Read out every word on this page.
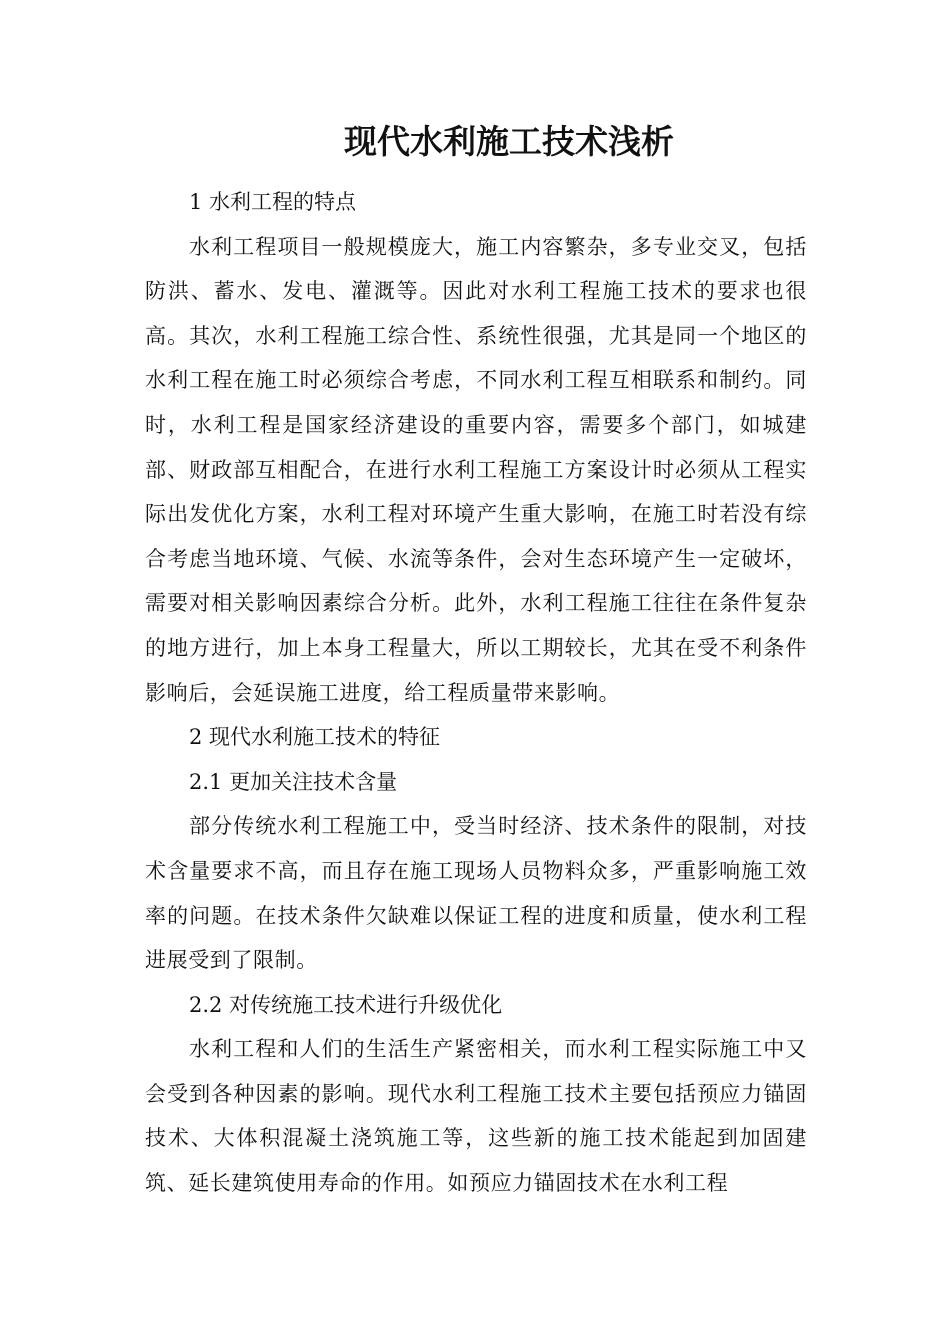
现代水利施工技术浅析

1 水利工程的特点

水利工程项目一般规模庞大，施工内容繁杂，多专业交叉，包括防洪、蓄水、发电、灌溉等。因此对水利工程施工技术的要求也很高。其次，水利工程施工综合性、系统性很强，尤其是同一个地区的水利工程在施工时必须综合考虑，不同水利工程互相联系和制约。同时，水利工程是国家经济建设的重要内容，需要多个部门，如城建部、财政部互相配合，在进行水利工程施工方案设计时必须从工程实际出发优化方案，水利工程对环境产生重大影响，在施工时若没有综合考虑当地环境、气候、水流等条件，会对生态环境产生一定破坏，需要对相关影响因素综合分析。此外，水利工程施工往往在条件复杂的地方进行，加上本身工程量大，所以工期较长，尤其在受不利条件影响后，会延误施工进度，给工程质量带来影响。

2 现代水利施工技术的特征

2.1 更加关注技术含量

部分传统水利工程施工中，受当时经济、技术条件的限制，对技术含量要求不高，而且存在施工现场人员物料众多，严重影响施工效率的问题。在技术条件欠缺难以保证工程的进度和质量，使水利工程进展受到了限制。

2.2 对传统施工技术进行升级优化

水利工程和人们的生活生产紧密相关，而水利工程实际施工中又会受到各种因素的影响。现代水利工程施工技术主要包括预应力锚固技术、大体积混凝土浇筑施工等，这些新的施工技术能起到加固建筑、延长建筑使用寿命的作用。如预应力锚固技术在水利工程
